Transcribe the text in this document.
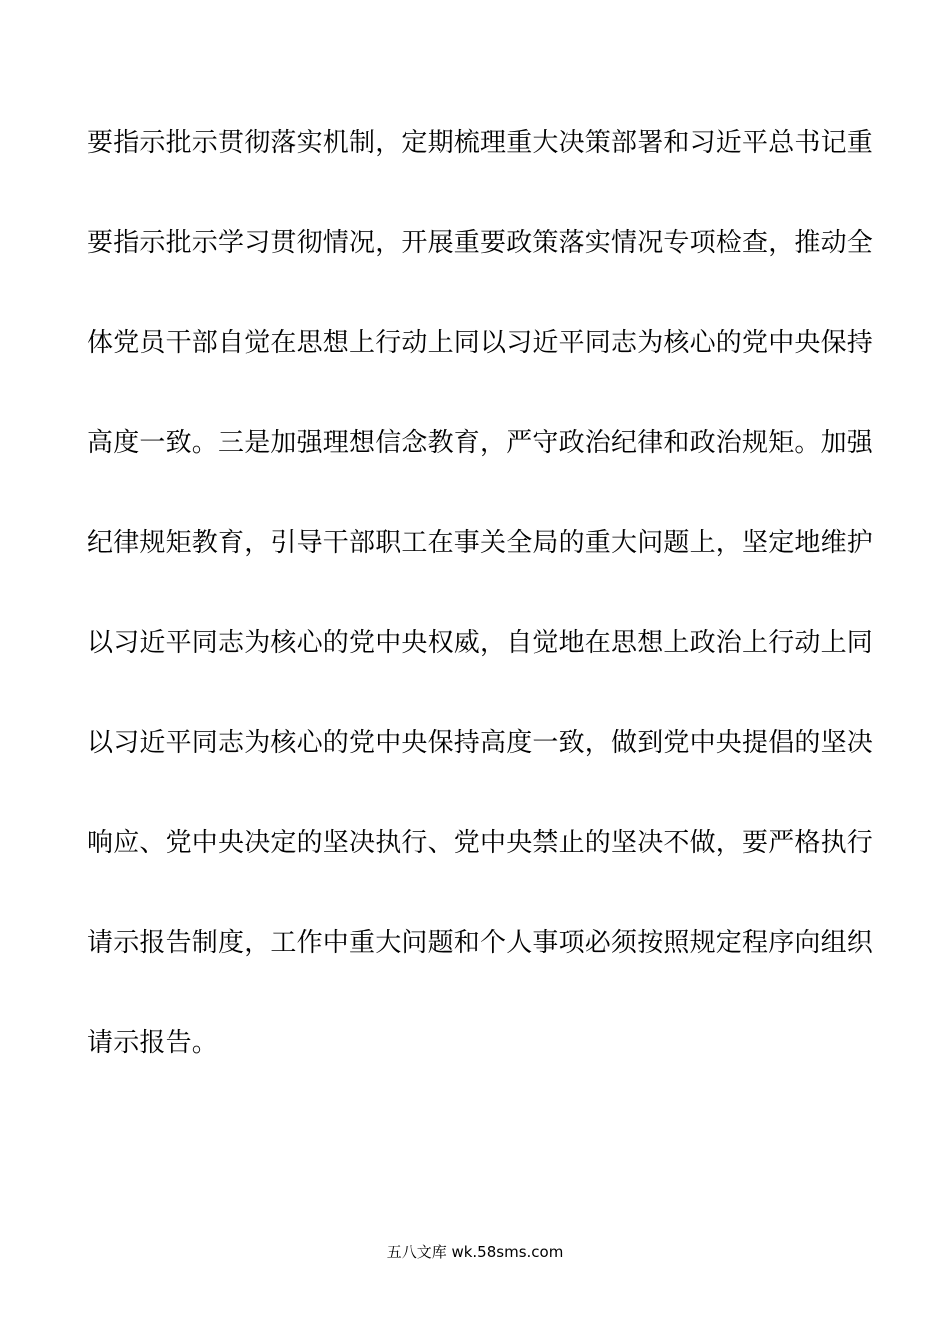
要指示批示贯彻落实机制，定期梳理重大决策部署和习近平总书记重
要指示批示学习贯彻情况，开展重要政策落实情况专项检查，推动全
体党员干部自觉在思想上行动上同以习近平同志为核心的党中央保持
高度一致。三是加强理想信念教育，严守政治纪律和政治规矩。加强
纪律规矩教育，引导干部职工在事关全局的重大问题上，坚定地维护
以习近平同志为核心的党中央权威，自觉地在思想上政治上行动上同
以习近平同志为核心的党中央保持高度一致，做到党中央提倡的坚决
响应、党中央决定的坚决执行、党中央禁止的坚决不做，要严格执行
请示报告制度，工作中重大问题和个人事项必须按照规定程序向组织
请示报告。
五八文库 wk.58sms.com
